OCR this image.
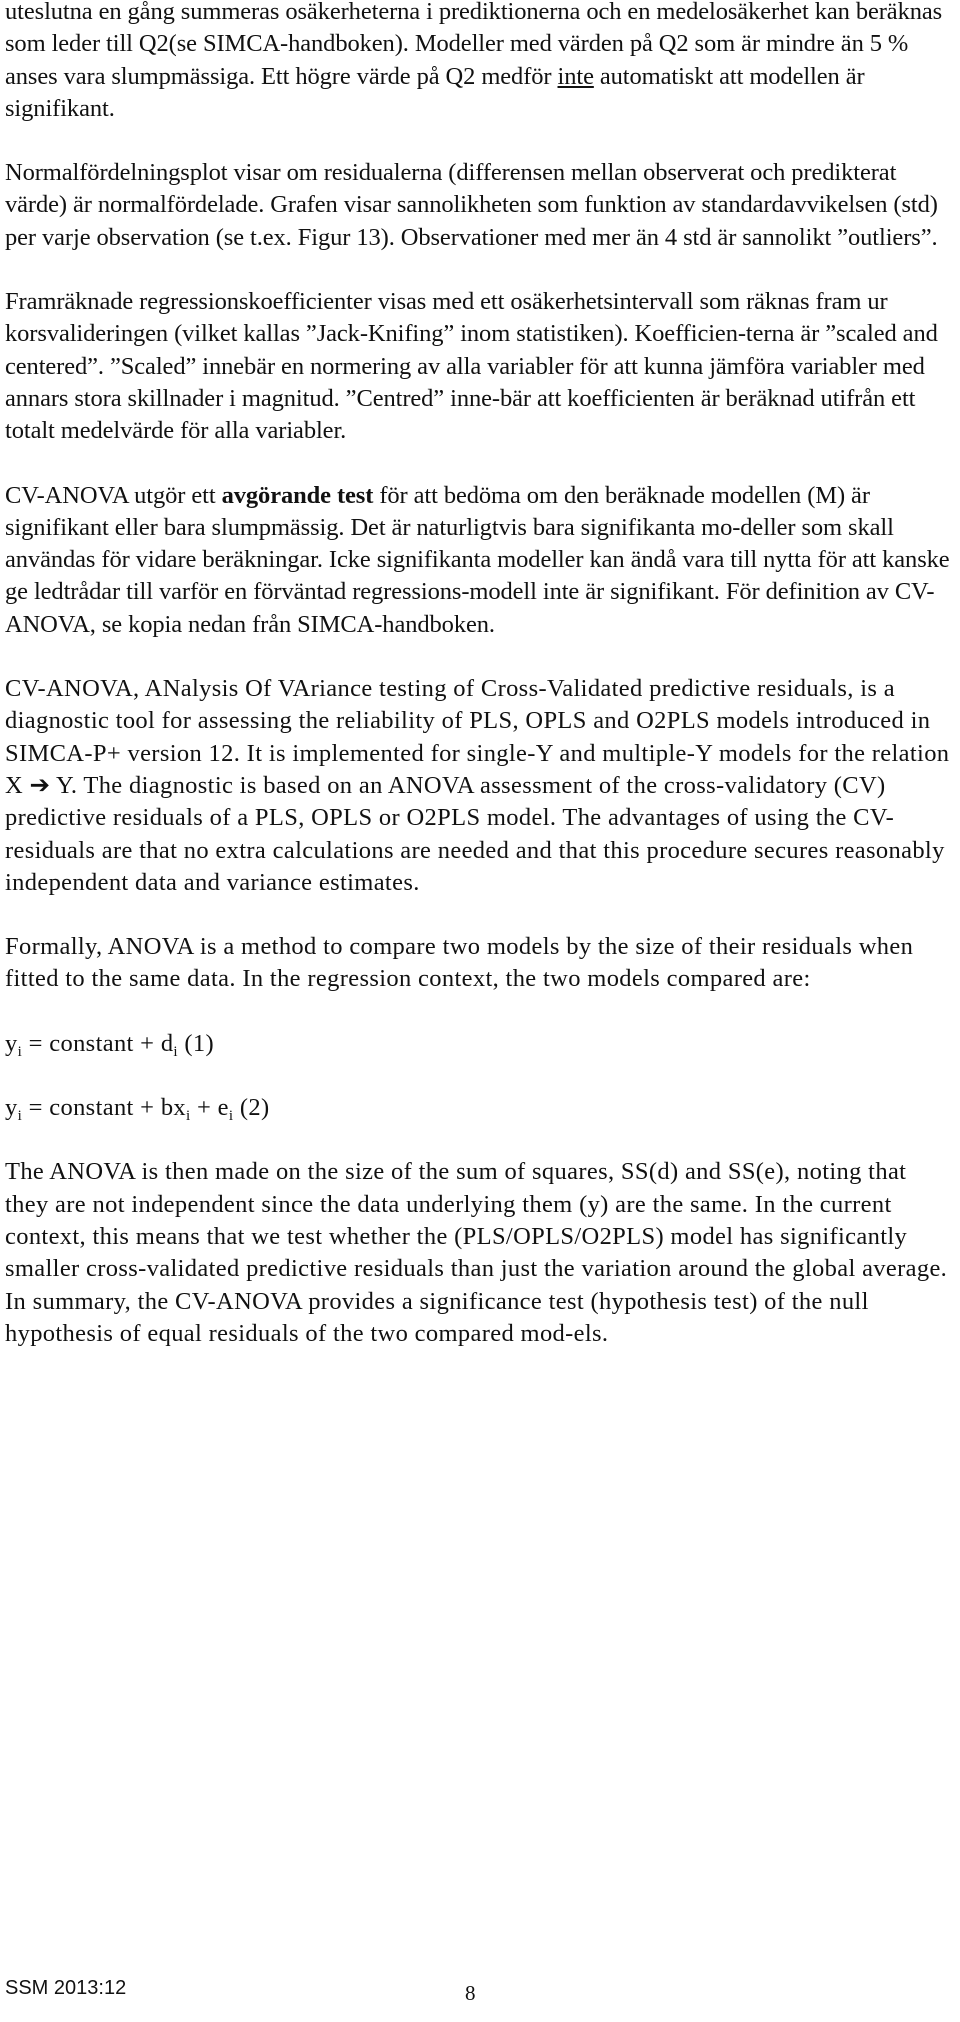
uteslutna en gång summeras osäkerheterna i prediktionerna och en medelosäkerhet kan beräknas som leder till Q2(se SIMCA-handboken). Modeller med värden på Q2 som är mindre än 5 % anses vara slumpmässiga. Ett högre värde på Q2 medför inte automatiskt att modellen är signifikant.

Normalfördelningsplot visar om residualerna (differensen mellan observerat och predikterat värde) är normalfördelade. Grafen visar sannolikheten som funktion av standardavvikelsen (std) per varje observation (se t.ex. Figur 13). Observationer med mer än 4 std är sannolikt ”outliers”.

Framräknade regressionskoefficienter visas med ett osäkerhetsintervall som räknas fram ur korsvalideringen (vilket kallas ”Jack-Knifing” inom statistiken). Koefficien-terna är ”scaled and centered”. ”Scaled” innebär en normering av alla variabler för att kunna jämföra variabler med annars stora skillnader i magnitud. ”Centred” inne-bär att koefficienten är beräknad utifrån ett totalt medelvärde för alla variabler.

CV-ANOVA utgör ett avgörande test för att bedöma om den beräknade modellen (M) är signifikant eller bara slumpmässig. Det är naturligtvis bara signifikanta mo-deller som skall användas för vidare beräkningar. Icke signifikanta modeller kan ändå vara till nytta för att kanske ge ledtrådar till varför en förväntad regressions-modell inte är signifikant. För definition av CV-ANOVA, se kopia nedan från SIMCA-handboken.

CV-ANOVA, ANalysis Of VAriance testing of Cross-Validated predictive residuals, is a diagnostic tool for assessing the reliability of PLS, OPLS and O2PLS models introduced in SIMCA-P+ version 12. It is implemented for single-Y and multiple-Y models for the relation X ➔ Y. The diagnostic is based on an ANOVA assessment of the cross-validatory (CV) predictive residuals of a PLS, OPLS or O2PLS model. The advantages of using the CV-residuals are that no extra calculations are needed and that this procedure secures reasonably independent data and variance estimates.

Formally, ANOVA is a method to compare two models by the size of their residuals when fitted to the same data. In the regression context, the two models compared are:

$y_i$ = constant + $d_i$ (1)

$y_i$ = constant + $bx_i + e_i$ (2)

The ANOVA is then made on the size of the sum of squares, SS(d) and SS(e), noting that they are not independent since the data underlying them (y) are the same. In the current context, this means that we test whether the (PLS/OPLS/O2PLS) model has significantly smaller cross-validated predictive residuals than just the variation around the global average. In summary, the CV-ANOVA provides a significance test (hypothesis test) of the null hypothesis of equal residuals of the two compared mod-els.

SSM 2013:12	8
